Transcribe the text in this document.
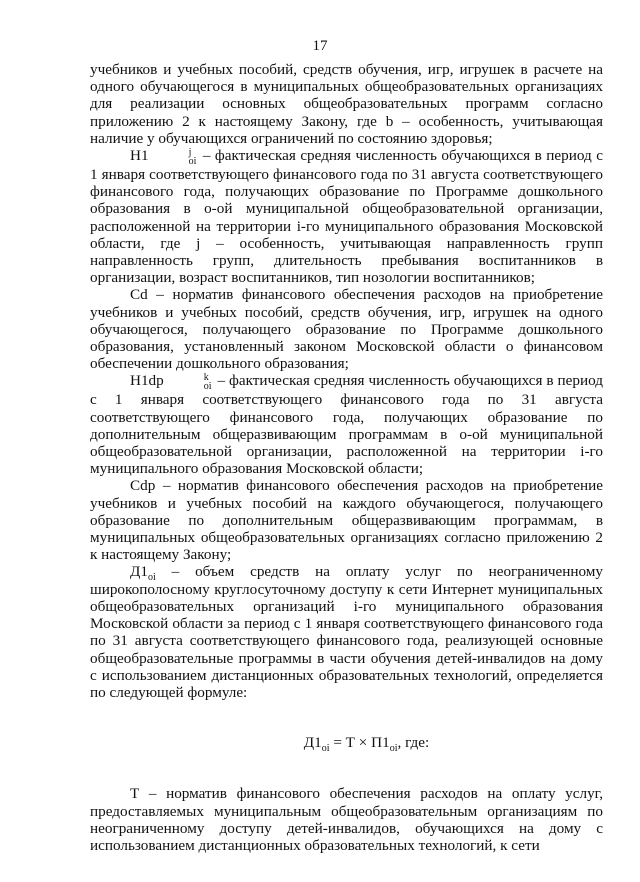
17

учебников и учебных пособий, средств обучения, игр, игрушек в расчете на одного обучающегося в муниципальных общеобразовательных организациях для реализации основных общеобразовательных программ согласно приложению 2 к настоящему Закону, где b – особенность, учитывающая наличие у обучающихся ограничений по состоянию здоровья;

Н1	j
oi – фактическая средняя численность обучающихся в период с 1 января соответствующего финансового года по 31 августа соответствующего финансового года, получающих образование по Программе дошкольного образования в о-ой муниципальной общеобразовательной организации, расположенной на территории i-го муниципального образования Московской области, где j – особенность, учитывающая направленность групп направленность групп, длительность пребывания воспитанников в организации, возраст воспитанников, тип нозологии воспитанников;

Cd – норматив финансового обеспечения расходов на приобретение учебников и учебных пособий, средств обучения, игр, игрушек на одного обучающегося, получающего образование по Программе дошкольного образования, установленный законом Московской области о финансовом обеспечении дошкольного образования;

H1dp	k
oi – фактическая средняя численность обучающихся в период с 1 января соответствующего финансового года по 31 августа соответствующего финансового года, получающих образование по дополнительным общеразвивающим программам в о-ой муниципальной общеобразовательной организации, расположенной на территории i-го муниципального образования Московской области;

Cdp – норматив финансового обеспечения расходов на приобретение учебников и учебных пособий на каждого обучающегося, получающего образование по дополнительным общеразвивающим программам, в муниципальных общеобразовательных организациях согласно приложению 2 к настоящему Закону;

$Д1_{oi}$ – объем средств на оплату услуг по неограниченному широкополосному круглосуточному доступу к сети Интернет муниципальных общеобразовательных организаций i-го муниципального образования Московской области за период с 1 января соответствующего финансового года по 31 августа соответствующего финансового года, реализующей основные общеобразовательные программы в части обучения детей-инвалидов на дому с использованием дистанционных образовательных технологий, определяется по следующей формуле:

$Д1_{oi} = Т \times П1_{oi}$, где:

Т – норматив финансового обеспечения расходов на оплату услуг, предоставляемых муниципальным общеобразовательным организациям по неограниченному доступу детей-инвалидов, обучающихся на дому с использованием дистанционных образовательных технологий, к сети
